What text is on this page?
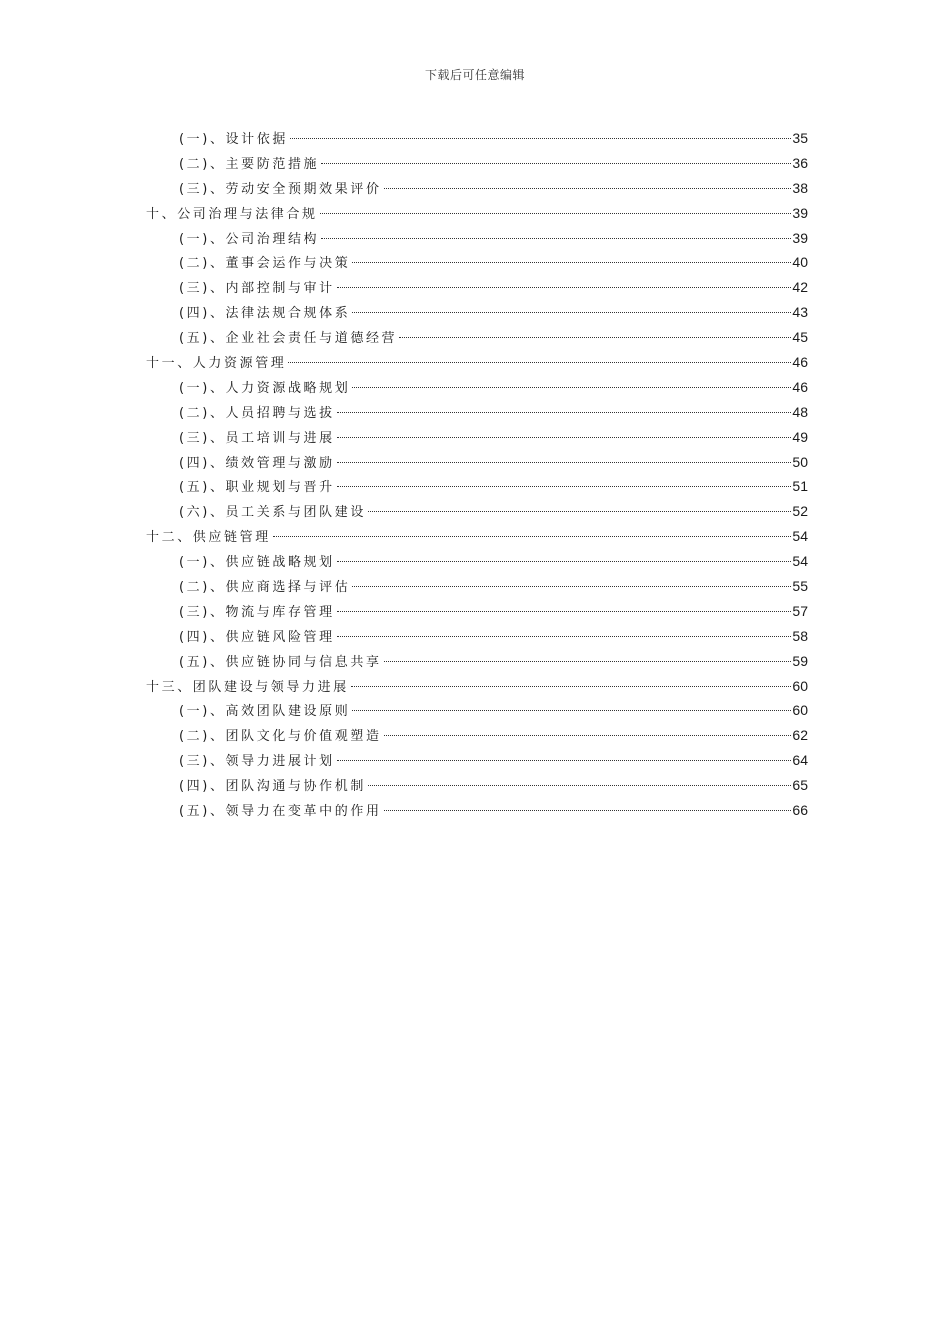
下载后可任意编辑
(一)、设计依据	35
(二)、主要防范措施	36
(三)、劳动安全预期效果评价	38
十、公司治理与法律合规	39
(一)、公司治理结构	39
(二)、董事会运作与决策	40
(三)、内部控制与审计	42
(四)、法律法规合规体系	43
(五)、企业社会责任与道德经营	45
十一、人力资源管理	46
(一)、人力资源战略规划	46
(二)、人员招聘与选拔	48
(三)、员工培训与进展	49
(四)、绩效管理与激励	50
(五)、职业规划与晋升	51
(六)、员工关系与团队建设	52
十二、供应链管理	54
(一)、供应链战略规划	54
(二)、供应商选择与评估	55
(三)、物流与库存管理	57
(四)、供应链风险管理	58
(五)、供应链协同与信息共享	59
十三、团队建设与领导力进展	60
(一)、高效团队建设原则	60
(二)、团队文化与价值观塑造	62
(三)、领导力进展计划	64
(四)、团队沟通与协作机制	65
(五)、领导力在变革中的作用	66
